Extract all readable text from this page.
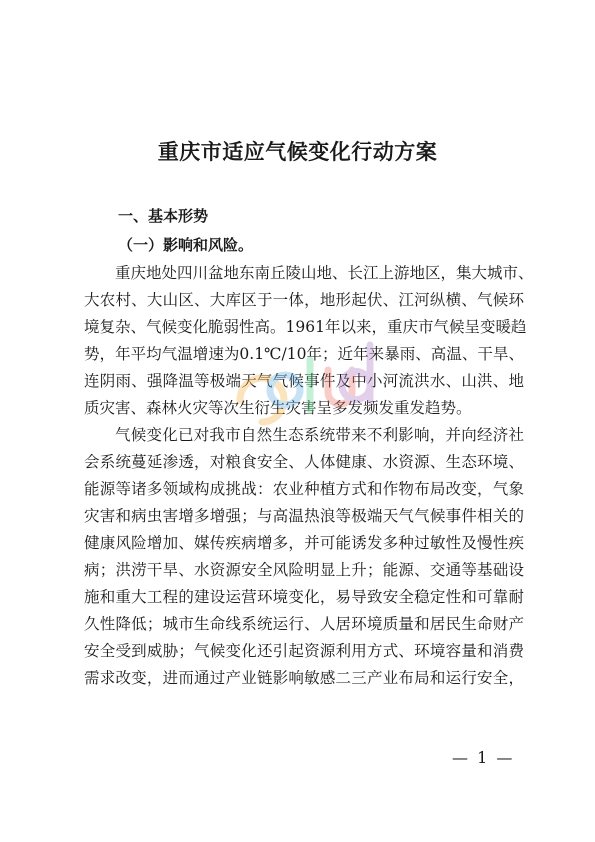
重庆市适应气候变化行动方案
一、基本形势
（一）影响和风险。
重庆地处四川盆地东南丘陵山地、长江上游地区，集大城市、
大农村、大山区、大库区于一体，地形起伏、江河纵横、气候环
境复杂、气候变化脆弱性高。1961年以来，重庆市气候呈变暖趋
势，年平均气温增速为0.1℃/10年；近年来暴雨、高温、干旱、
连阴雨、强降温等极端天气气候事件及中小河流洪水、山洪、地
质灾害、森林火灾等次生衍生灾害呈多发频发重发趋势。
气候变化已对我市自然生态系统带来不利影响，并向经济社
会系统蔓延渗透，对粮食安全、人体健康、水资源、生态环境、
能源等诸多领域构成挑战：农业种植方式和作物布局改变，气象
灾害和病虫害增多增强；与高温热浪等极端天气气候事件相关的
健康风险增加、媒传疾病增多，并可能诱发多种过敏性及慢性疾
病；洪涝干旱、水资源安全风险明显上升；能源、交通等基础设
施和重大工程的建设运营环境变化，易导致安全稳定性和可靠耐
久性降低；城市生命线系统运行、人居环境质量和居民生命财产
安全受到威胁；气候变化还引起资源利用方式、环境容量和消费
需求改变，进而通过产业链影响敏感二三产业布局和运行安全，

— 1 —
